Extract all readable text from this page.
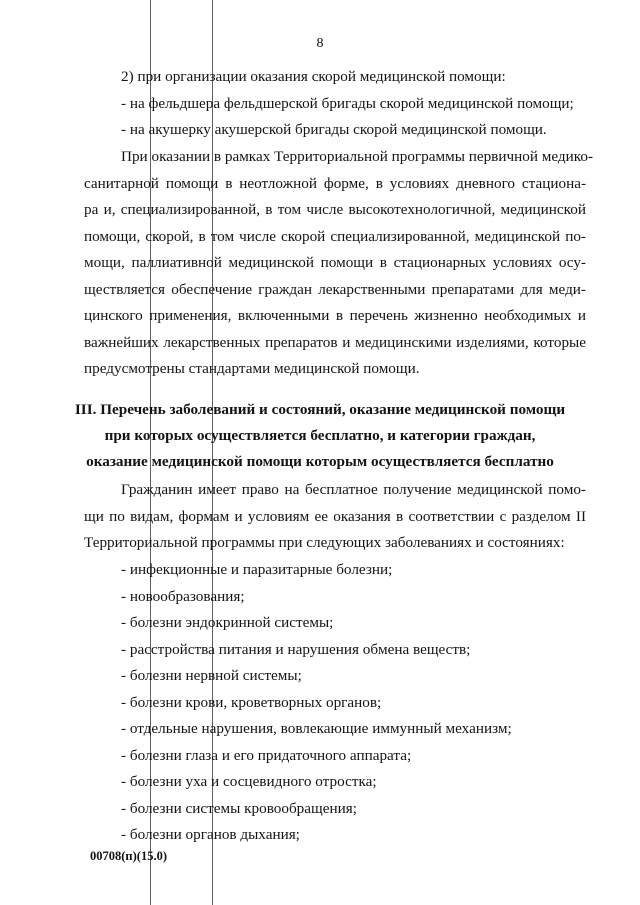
8
2) при организации оказания скорой медицинской помощи:
- на фельдшера фельдшерской бригады скорой медицинской помощи;
- на акушерку акушерской бригады скорой медицинской помощи.
При оказании в рамках Территориальной программы первичной медико-
санитарной помощи в неотложной форме, в условиях дневного стациона-
ра и, специализированной, в том числе высокотехнологичной, медицинской
помощи, скорой, в том числе скорой специализированной, медицинской по-
мощи, паллиативной медицинской помощи в стационарных условиях осу-
ществляется обеспечение граждан лекарственными препаратами для меди-
цинского применения, включенными в перечень жизненно необходимых и
важнейших лекарственных препаратов и медицинскими изделиями, которые
предусмотрены стандартами медицинской помощи.
III. Перечень заболеваний и состояний, оказание медицинской помощи
при которых осуществляется бесплатно, и категории граждан,
оказание медицинской помощи которым осуществляется бесплатно
Гражданин имеет право на бесплатное получение медицинской помо-
щи по видам, формам и условиям ее оказания в соответствии с разделом II
Территориальной программы при следующих заболеваниях и состояниях:
- инфекционные и паразитарные болезни;
- новообразования;
- болезни эндокринной системы;
- расстройства питания и нарушения обмена веществ;
- болезни нервной системы;
- болезни крови, кроветворных органов;
- отдельные нарушения, вовлекающие иммунный механизм;
- болезни глаза и его придаточного аппарата;
- болезни уха и сосцевидного отростка;
- болезни системы кровообращения;
- болезни органов дыхания;
00708(п)(15.0)
